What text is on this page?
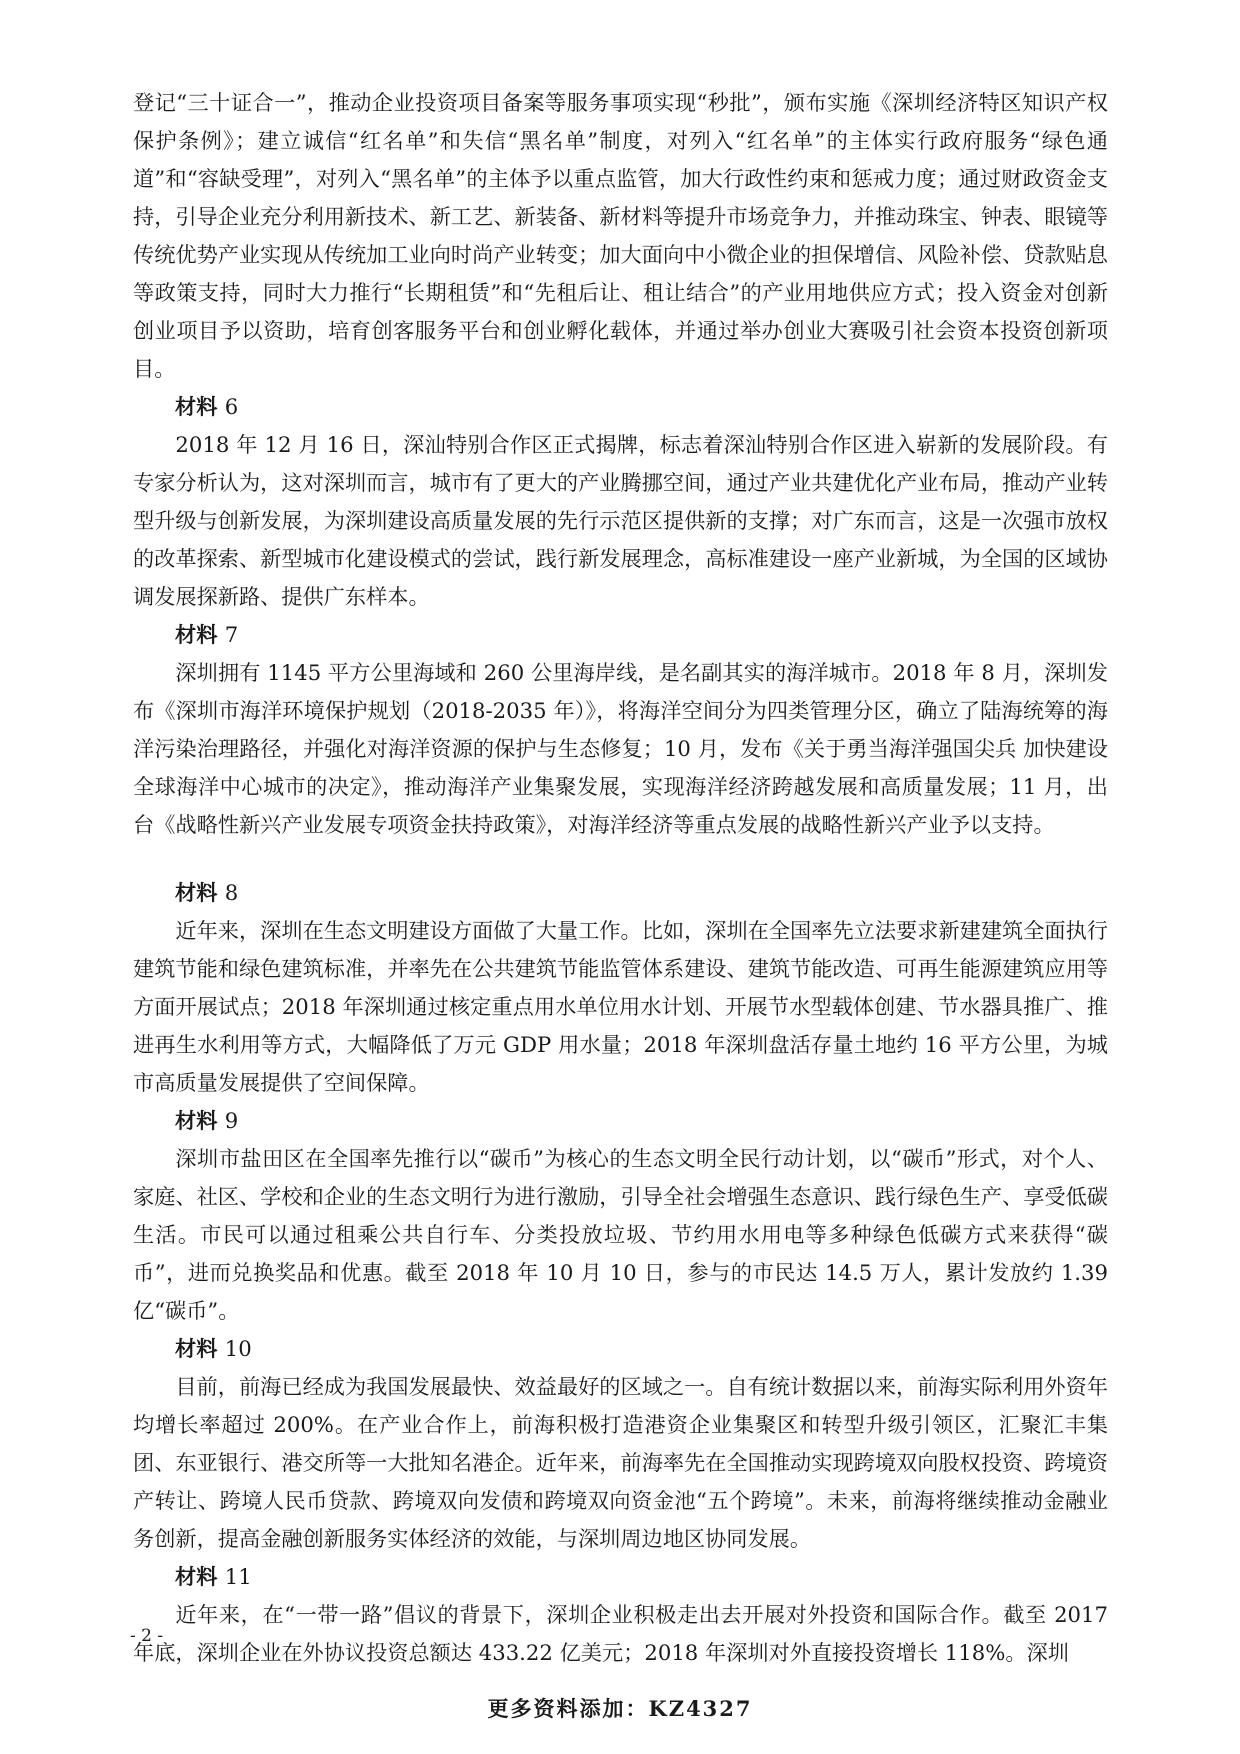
登记“三十证合一”，推动企业投资项目备案等服务事项实现“秒批”，颁布实施《深圳经济特区知识产权保护条例》；建立诚信“红名单”和失信“黑名单”制度，对列入“红名单”的主体实行政府服务“绿色通道”和“容缺受理”，对列入“黑名单”的主体予以重点监管，加大行政性约束和惩戒力度；通过财政资金支持，引导企业充分利用新技术、新工艺、新装备、新材料等提升市场竞争力，并推动珠宝、钟表、眼镜等传统优势产业实现从传统加工业向时尚产业转变；加大面向中小微企业的担保增信、风险补偿、贷款贴息等政策支持，同时大力推行“长期租赁”和“先租后让、租让结合”的产业用地供应方式；投入资金对创新创业项目予以资助，培育创客服务平台和创业孵化载体，并通过举办创业大赛吸引社会资本投资创新项目。

材料 6

2018 年 12 月 16 日，深汕特别合作区正式揭牌，标志着深汕特别合作区进入崭新的发展阶段。有专家分析认为，这对深圳而言，城市有了更大的产业腾挪空间，通过产业共建优化产业布局，推动产业转型升级与创新发展，为深圳建设高质量发展的先行示范区提供新的支撑；对广东而言，这是一次强市放权的改革探索、新型城市化建设模式的尝试，践行新发展理念，高标准建设一座产业新城，为全国的区域协调发展探新路、提供广东样本。

材料 7

深圳拥有 1145 平方公里海域和 260 公里海岸线，是名副其实的海洋城市。2018 年 8 月，深圳发布《深圳市海洋环境保护规划（2018-2035 年）》，将海洋空间分为四类管理分区，确立了陆海统筹的海洋污染治理路径，并强化对海洋资源的保护与生态修复；10 月，发布《关于勇当海洋强国尖兵 加快建设全球海洋中心城市的决定》，推动海洋产业集聚发展，实现海洋经济跨越发展和高质量发展；11 月，出台《战略性新兴产业发展专项资金扶持政策》，对海洋经济等重点发展的战略性新兴产业予以支持。

材料 8

近年来，深圳在生态文明建设方面做了大量工作。比如，深圳在全国率先立法要求新建建筑全面执行建筑节能和绿色建筑标准，并率先在公共建筑节能监管体系建设、建筑节能改造、可再生能源建筑应用等方面开展试点；2018 年深圳通过核定重点用水单位用水计划、开展节水型载体创建、节水器具推广、推进再生水利用等方式，大幅降低了万元 GDP 用水量；2018 年深圳盘活存量土地约 16 平方公里，为城市高质量发展提供了空间保障。

材料 9

深圳市盐田区在全国率先推行以“碳币”为核心的生态文明全民行动计划，以“碳币”形式，对个人、家庭、社区、学校和企业的生态文明行为进行激励，引导全社会增强生态意识、践行绿色生产、享受低碳生活。市民可以通过租乘公共自行车、分类投放垃圾、节约用水用电等多种绿色低碳方式来获得“碳币”，进而兑换奖品和优惠。截至 2018 年 10 月 10 日，参与的市民达 14.5 万人，累计发放约 1.39 亿“碳币”。

材料 10

目前，前海已经成为我国发展最快、效益最好的区域之一。自有统计数据以来，前海实际利用外资年均增长率超过 200%。在产业合作上，前海积极打造港资企业集聚区和转型升级引领区，汇聚汇丰集团、东亚银行、港交所等一大批知名港企。近年来，前海率先在全国推动实现跨境双向股权投资、跨境资产转让、跨境人民币贷款、跨境双向发债和跨境双向资金池“五个跨境”。未来，前海将继续推动金融业务创新，提高金融创新服务实体经济的效能，与深圳周边地区协同发展。

材料 11

近年来，在“一带一路”倡议的背景下，深圳企业积极走出去开展对外投资和国际合作。截至 2017 年底，深圳企业在外协议投资总额达 433.22 亿美元；2018 年深圳对外直接投资增长 118%。深圳

- 2 -
更多资料添加：KZ4327
